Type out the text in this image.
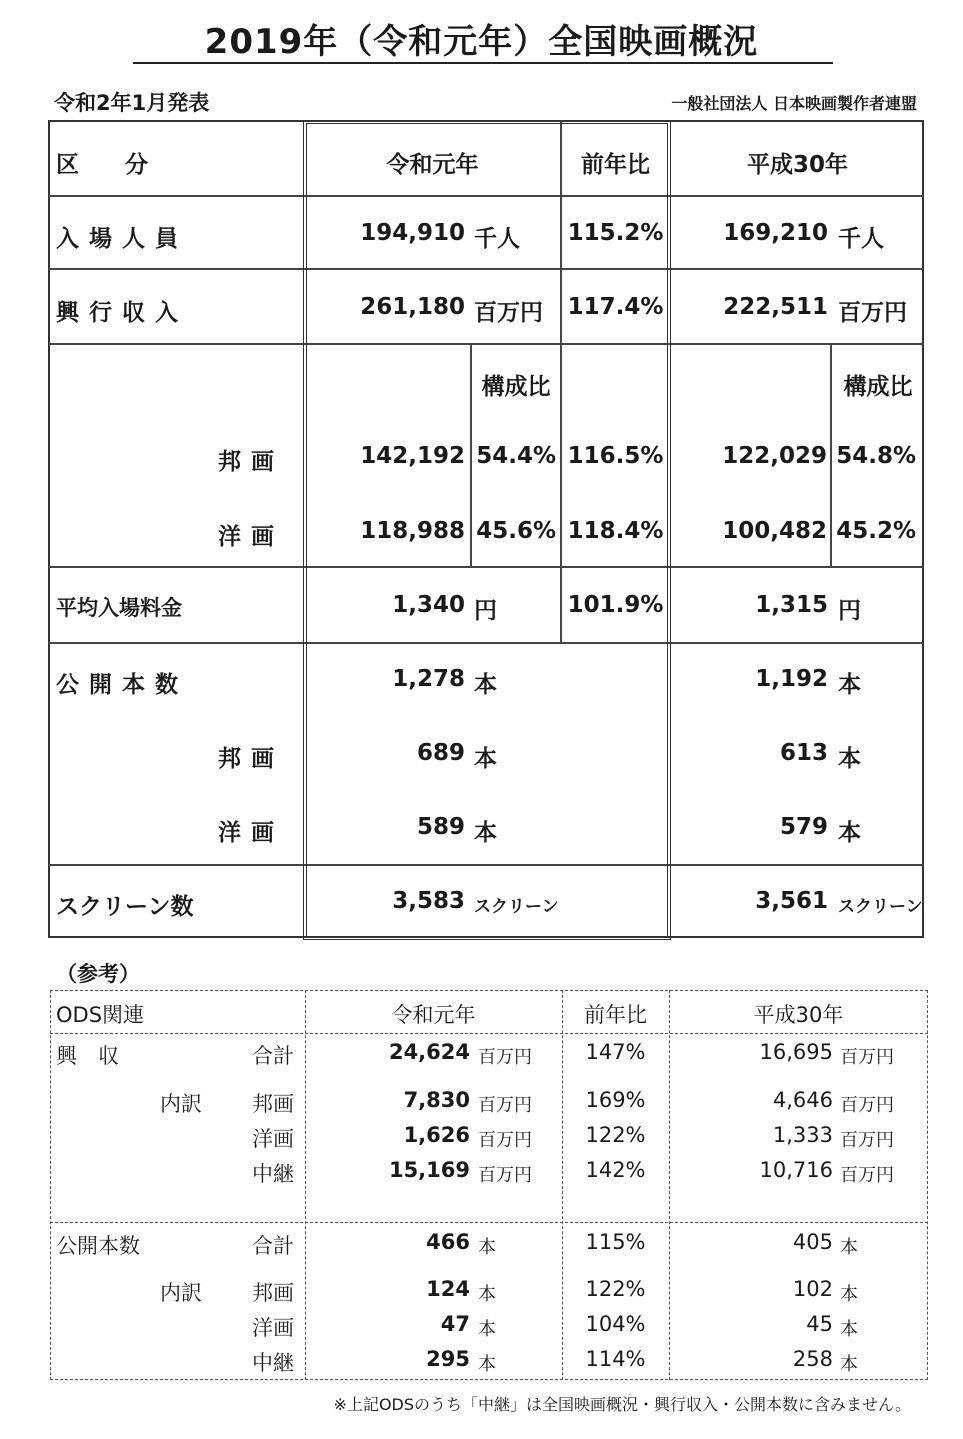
2019年（令和元年）全国映画概況
令和2年1月発表	一般社団法人 日本映画製作者連盟
区　　分	令和元年	前年比	平成30年
入場人員	194,910 千人 115.2%	169,210 千人
興行収入	261,180 百万円 117.4%	222,511 百万円
構成比	構成比
邦画	142,192 54.4% 116.5%	122,029 54.8%
洋画	118,988 45.6% 118.4%	100,482 45.2%
平均入場料金	1,340 円	101.9%	1,315 円
公開本数	1,278 本	1,192 本
邦画	689 本	613 本
洋画	589 本	579 本
スクリーン数	3,583 スクリーン	3,561 スクリーン
（参考）
ODS関連	令和元年	前年比	平成30年
興　収
内訳
合計	24,624 百万円	147%	16,695 百万円
邦画	7,830 百万円	169%	4,646 百万円
洋画	1,626 百万円	122%	1,333 百万円
中継	15,169 百万円	142%	10,716 百万円
公開本数
内訳
合計	466 本	115%	405 本
邦画	124 本	122%	102 本
洋画	47 本	104%	45 本
中継	295 本	114%	258 本
※上記ODSのうち「中継」は全国映画概況・興行収入・公開本数に含みません。
